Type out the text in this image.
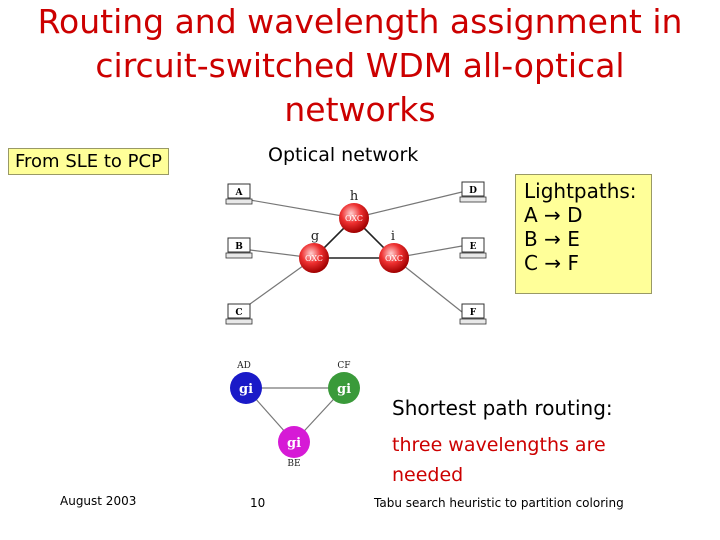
Routing and wavelength assignment in
circuit-switched WDM all-optical
networks
From SLE to PCP	Optical network
A
B
C
D
E
F
OXC
h
OXC
g
OXC
i
gi
AD
gi
CF
gi
BE
Lightpaths:
A → D
B → E
C → F
Shortest path routing:
three wavelengths are
needed
August 2003	10	Tabu search heuristic to partition coloring
